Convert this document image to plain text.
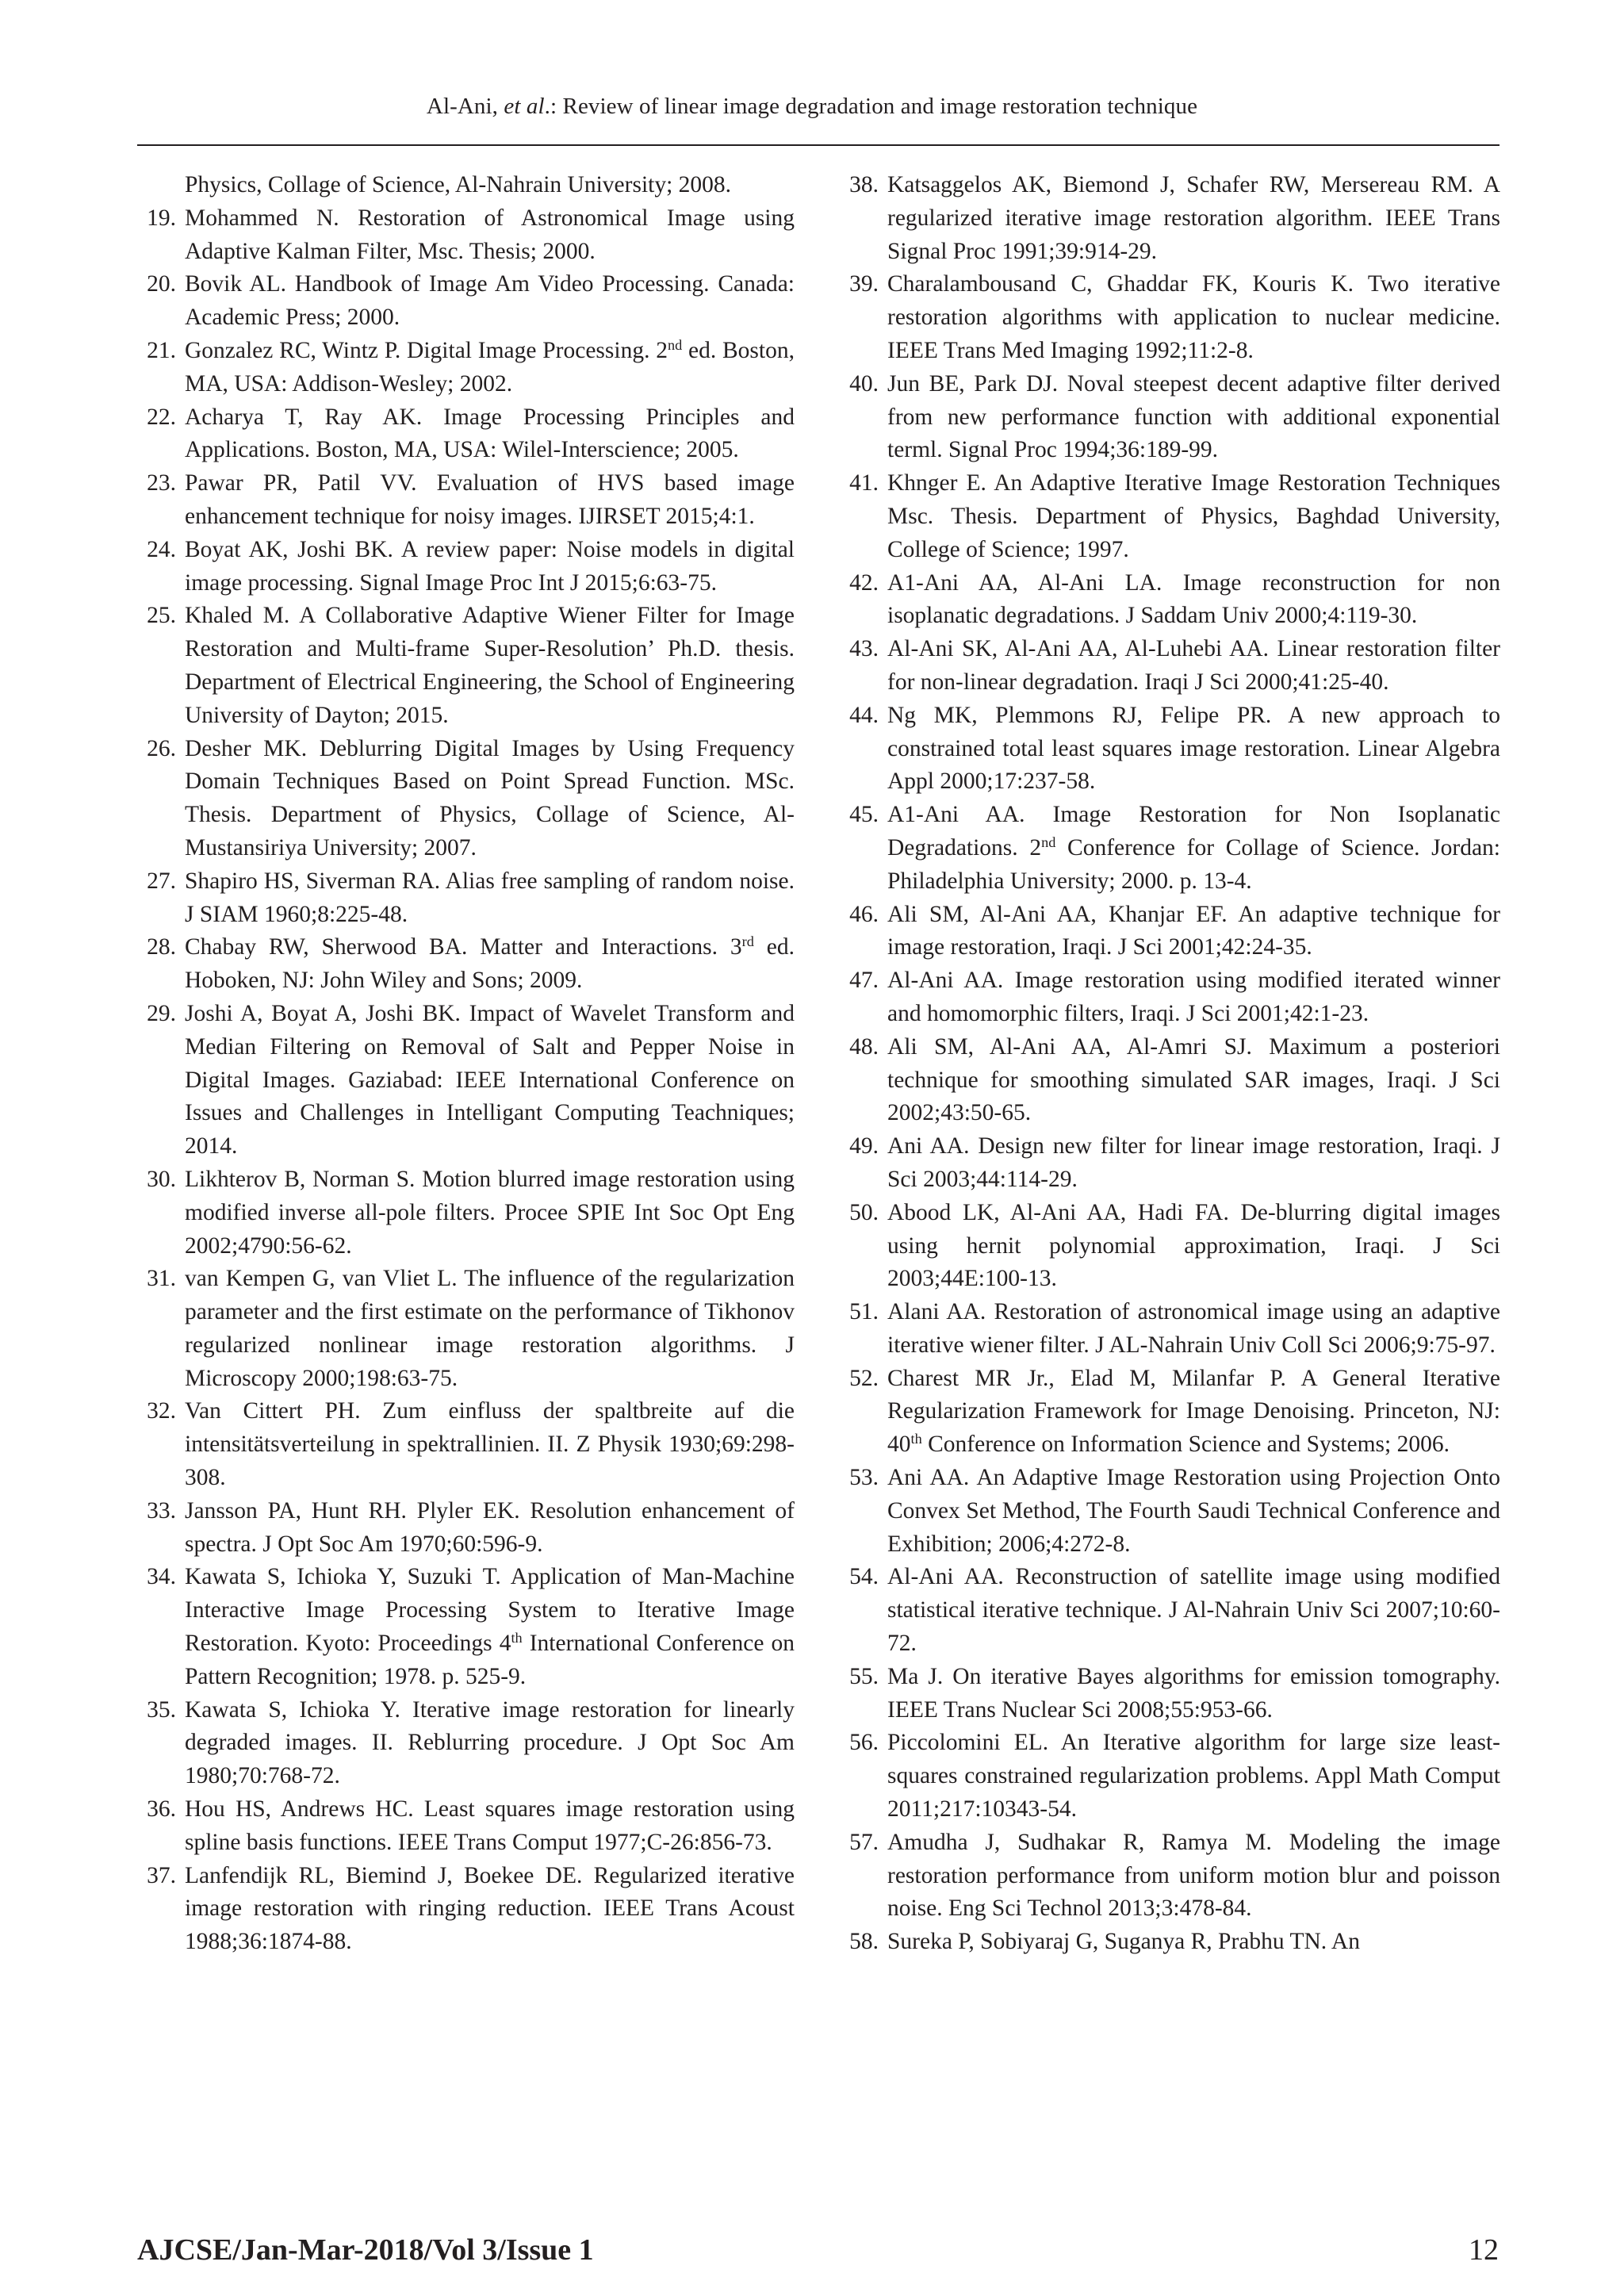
Al-Ani, et al.: Review of linear image degradation and image restoration technique
Physics, Collage of Science, Al-Nahrain University; 2008.
19. Mohammed N. Restoration of Astronomical Image using Adaptive Kalman Filter, Msc. Thesis; 2000.
20. Bovik AL. Handbook of Image Am Video Processing. Canada: Academic Press; 2000.
21. Gonzalez RC, Wintz P. Digital Image Processing. 2nd ed. Boston, MA, USA: Addison-Wesley; 2002.
22. Acharya T, Ray AK. Image Processing Principles and Applications. Boston, MA, USA: Wilel-Interscience; 2005.
23. Pawar PR, Patil VV. Evaluation of HVS based image enhancement technique for noisy images. IJIRSET 2015;4:1.
24. Boyat AK, Joshi BK. A review paper: Noise models in digital image processing. Signal Image Proc Int J 2015;6:63-75.
25. Khaled M. A Collaborative Adaptive Wiener Filter for Image Restoration and Multi-frame Super-Resolution’ Ph.D. thesis. Department of Electrical Engineering, the School of Engineering University of Dayton; 2015.
26. Desher MK. Deblurring Digital Images by Using Frequency Domain Techniques Based on Point Spread Function. MSc. Thesis. Department of Physics, Collage of Science, Al-Mustansiriya University; 2007.
27. Shapiro HS, Siverman RA. Alias free sampling of random noise. J SIAM 1960;8:225-48.
28. Chabay RW, Sherwood BA. Matter and Interactions. 3rd ed. Hoboken, NJ: John Wiley and Sons; 2009.
29. Joshi A, Boyat A, Joshi BK. Impact of Wavelet Transform and Median Filtering on Removal of Salt and Pepper Noise in Digital Images. Gaziabad: IEEE International Conference on Issues and Challenges in Intelligant Computing Teachniques; 2014.
30. Likhterov B, Norman S. Motion blurred image restoration using modified inverse all-pole filters. Procee SPIE Int Soc Opt Eng 2002;4790:56-62.
31. van Kempen G, van Vliet L. The influence of the regularization parameter and the first estimate on the performance of Tikhonov regularized nonlinear image restoration algorithms. J Microscopy 2000;198:63-75.
32. Van Cittert PH. Zum einfluss der spaltbreite auf die intensitätsverteilung in spektrallinien. II. Z Physik 1930;69:298-308.
33. Jansson PA, Hunt RH. Plyler EK. Resolution enhancement of spectra. J Opt Soc Am 1970;60:596-9.
34. Kawata S, Ichioka Y, Suzuki T. Application of Man-Machine Interactive Image Processing System to Iterative Image Restoration. Kyoto: Proceedings 4th International Conference on Pattern Recognition; 1978. p. 525-9.
35. Kawata S, Ichioka Y. Iterative image restoration for linearly degraded images. II. Reblurring procedure. J Opt Soc Am 1980;70:768-72.
36. Hou HS, Andrews HC. Least squares image restoration using spline basis functions. IEEE Trans Comput 1977;C-26:856-73.
37. Lanfendijk RL, Biemind J, Boekee DE. Regularized iterative image restoration with ringing reduction. IEEE Trans Acoust 1988;36:1874-88.
38. Katsaggelos AK, Biemond J, Schafer RW, Mersereau RM. A regularized iterative image restoration algorithm. IEEE Trans Signal Proc 1991;39:914-29.
39. Charalambousand C, Ghaddar FK, Kouris K. Two iterative restoration algorithms with application to nuclear medicine. IEEE Trans Med Imaging 1992;11:2-8.
40. Jun BE, Park DJ. Noval steepest decent adaptive filter derived from new performance function with additional exponential terml. Signal Proc 1994;36:189-99.
41. Khnger E. An Adaptive Iterative Image Restoration Techniques Msc. Thesis. Department of Physics, Baghdad University, College of Science; 1997.
42. A1-Ani AA, Al-Ani LA. Image reconstruction for non isoplanatic degradations. J Saddam Univ 2000;4:119-30.
43. Al-Ani SK, Al-Ani AA, Al-Luhebi AA. Linear restoration filter for non-linear degradation. Iraqi J Sci 2000;41:25-40.
44. Ng MK, Plemmons RJ, Felipe PR. A new approach to constrained total least squares image restoration. Linear Algebra Appl 2000;17:237-58.
45. A1-Ani AA. Image Restoration for Non Isoplanatic Degradations. 2nd Conference for Collage of Science. Jordan: Philadelphia University; 2000. p. 13-4.
46. Ali SM, Al-Ani AA, Khanjar EF. An adaptive technique for image restoration, Iraqi. J Sci 2001;42:24-35.
47. Al-Ani AA. Image restoration using modified iterated winner and homomorphic filters, Iraqi. J Sci 2001;42:1-23.
48. Ali SM, Al-Ani AA, Al-Amri SJ. Maximum a posteriori technique for smoothing simulated SAR images, Iraqi. J Sci 2002;43:50-65.
49. Ani AA. Design new filter for linear image restoration, Iraqi. J Sci 2003;44:114-29.
50. Abood LK, Al-Ani AA, Hadi FA. De-blurring digital images using hernit polynomial approximation, Iraqi. J Sci 2003;44E:100-13.
51. Alani AA. Restoration of astronomical image using an adaptive iterative wiener filter. J AL-Nahrain Univ Coll Sci 2006;9:75-97.
52. Charest MR Jr., Elad M, Milanfar P. A General Iterative Regularization Framework for Image Denoising. Princeton, NJ: 40th Conference on Information Science and Systems; 2006.
53. Ani AA. An Adaptive Image Restoration using Projection Onto Convex Set Method, The Fourth Saudi Technical Conference and Exhibition; 2006;4:272-8.
54. Al-Ani AA. Reconstruction of satellite image using modified statistical iterative technique. J Al-Nahrain Univ Sci 2007;10:60-72.
55. Ma J. On iterative Bayes algorithms for emission tomography. IEEE Trans Nuclear Sci 2008;55:953-66.
56. Piccolomini EL. An Iterative algorithm for large size least-squares constrained regularization problems. Appl Math Comput 2011;217:10343-54.
57. Amudha J, Sudhakar R, Ramya M. Modeling the image restoration performance from uniform motion blur and poisson noise. Eng Sci Technol 2013;3:478-84.
58. Sureka P, Sobiyaraj G, Suganya R, Prabhu TN. An
AJCSE/Jan-Mar-2018/Vol 3/Issue 1	12
